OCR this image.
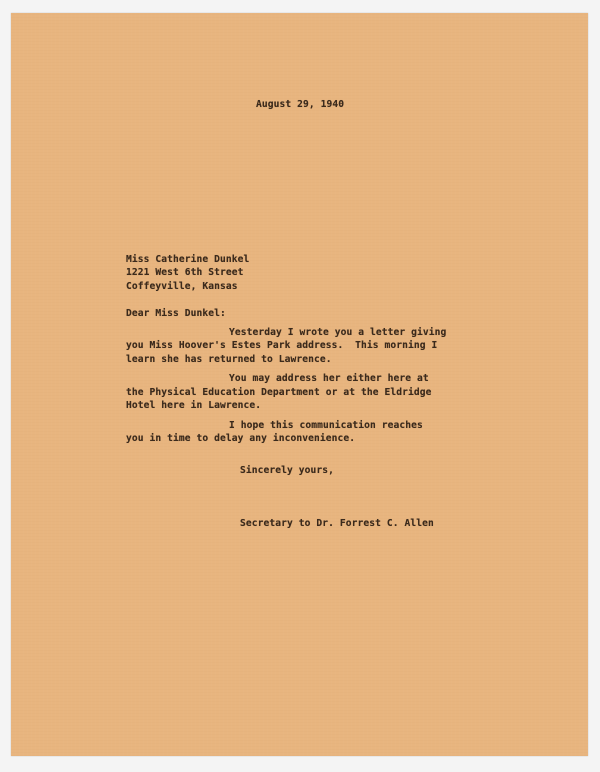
August 29, 1940
Miss Catherine Dunkel
1221 West 6th Street
Coffeyville, Kansas
Dear Miss Dunkel:
Yesterday I wrote you a letter giving
you Miss Hoover's Estes Park address.  This morning I
learn she has returned to Lawrence.
You may address her either here at
the Physical Education Department or at the Eldridge
Hotel here in Lawrence.
I hope this communication reaches
you in time to delay any inconvenience.
Sincerely yours,
Secretary to Dr. Forrest C. Allen
